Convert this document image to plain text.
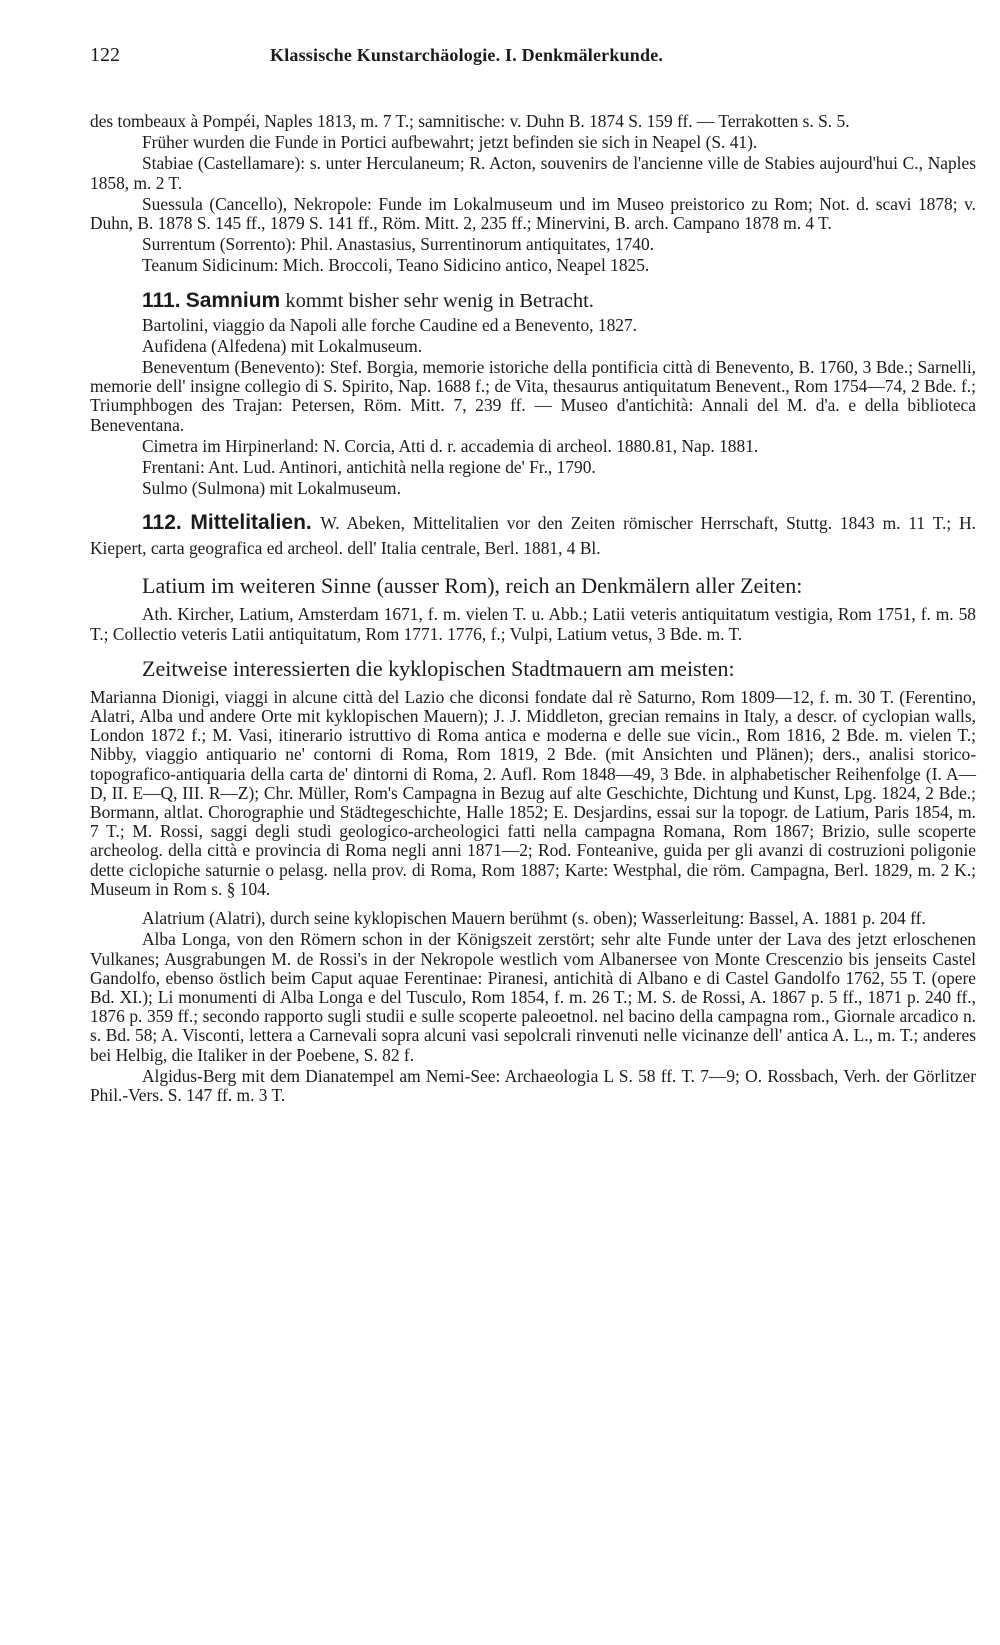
122	Klassische Kunstarchäologie. I. Denkmälerkunde.

des tombeaux à Pompéi, Naples 1813, m. 7 T.; samnitische: v. Duhn B. 1874 S. 159 ff. — Terrakotten s. S. 5.

Früher wurden die Funde in Portici aufbewahrt; jetzt befinden sie sich in Neapel (S. 41).

Stabiae (Castellamare): s. unter Herculaneum; R. Acton, souvenirs de l'ancienne ville de Stabies aujourd'hui C., Naples 1858, m. 2 T.

Suessula (Cancello), Nekropole: Funde im Lokalmuseum und im Museo preistorico zu Rom; Not. d. scavi 1878; v. Duhn, B. 1878 S. 145 ff., 1879 S. 141 ff., Röm. Mitt. 2, 235 ff.; Minervini, B. arch. Campano 1878 m. 4 T.

Surrentum (Sorrento): Phil. Anastasius, Surrentinorum antiquitates, 1740.

Teanum Sidicinum: Mich. Broccoli, Teano Sidicino antico, Neapel 1825.

111. Samnium kommt bisher sehr wenig in Betracht.

Bartolini, viaggio da Napoli alle forche Caudine ed a Benevento, 1827.

Aufidena (Alfedena) mit Lokalmuseum.

Beneventum (Benevento): Stef. Borgia, memorie istoriche della pontificia città di Benevento, B. 1760, 3 Bde.; Sarnelli, memorie dell' insigne collegio di S. Spirito, Nap. 1688 f.; de Vita, thesaurus antiquitatum Benevent., Rom 1754—74, 2 Bde. f.; Triumphbogen des Trajan: Petersen, Röm. Mitt. 7, 239 ff. — Museo d'antichità: Annali del M. d'a. e della biblioteca Beneventana.

Cimetra im Hirpinerland: N. Corcia, Atti d. r. accademia di archeol. 1880.81, Nap. 1881.

Frentani: Ant. Lud. Antinori, antichità nella regione de' Fr., 1790.

Sulmo (Sulmona) mit Lokalmuseum.

112. Mittelitalien. W. Abeken, Mittelitalien vor den Zeiten römischer Herrschaft, Stuttg. 1843 m. 11 T.; H. Kiepert, carta geografica ed archeol. dell' Italia centrale, Berl. 1881, 4 Bl.

Latium im weiteren Sinne (ausser Rom), reich an Denkmälern aller Zeiten:

Ath. Kircher, Latium, Amsterdam 1671, f. m. vielen T. u. Abb.; Latii veteris antiquitatum vestigia, Rom 1751, f. m. 58 T.; Collectio veteris Latii antiquitatum, Rom 1771. 1776, f.; Vulpi, Latium vetus, 3 Bde. m. T.

Zeitweise interessierten die kyklopischen Stadtmauern am meisten:

Marianna Dionigi, viaggi in alcune città del Lazio che diconsi fondate dal rè Saturno, Rom 1809—12, f. m. 30 T. (Ferentino, Alatri, Alba und andere Orte mit kyklopischen Mauern); J. J. Middleton, grecian remains in Italy, a descr. of cyclopian walls, London 1872 f.; M. Vasi, itinerario istruttivo di Roma antica e moderna e delle sue vicin., Rom 1816, 2 Bde. m. vielen T.; Nibby, viaggio antiquario ne' contorni di Roma, Rom 1819, 2 Bde. (mit Ansichten und Plänen); ders., analisi storico-topografico-antiquaria della carta de' dintorni di Roma, 2. Aufl. Rom 1848—49, 3 Bde. in alphabetischer Reihenfolge (I. A—D, II. E—Q, III. R—Z); Chr. Müller, Rom's Campagna in Bezug auf alte Geschichte, Dichtung und Kunst, Lpg. 1824, 2 Bde.; Bormann, altlat. Chorographie und Städtegeschichte, Halle 1852; E. Desjardins, essai sur la topogr. de Latium, Paris 1854, m. 7 T.; M. Rossi, saggi degli studi geologico-archeologici fatti nella campagna Romana, Rom 1867; Brizio, sulle scoperte archeolog. della città e provincia di Roma negli anni 1871—2; Rod. Fonteanive, guida per gli avanzi di costruzioni poligonie dette ciclopiche saturnie o pelasg. nella prov. di Roma, Rom 1887; Karte: Westphal, die röm. Campagna, Berl. 1829, m. 2 K.; Museum in Rom s. § 104.

Alatrium (Alatri), durch seine kyklopischen Mauern berühmt (s. oben); Wasserleitung: Bassel, A. 1881 p. 204 ff.

Alba Longa, von den Römern schon in der Königszeit zerstört; sehr alte Funde unter der Lava des jetzt erloschenen Vulkanes; Ausgrabungen M. de Rossi's in der Nekropole westlich vom Albanersee von Monte Crescenzio bis jenseits Castel Gandolfo, ebenso östlich beim Caput aquae Ferentinae: Piranesi, antichità di Albano e di Castel Gandolfo 1762, 55 T. (opere Bd. XI.); Li monumenti di Alba Longa e del Tusculo, Rom 1854, f. m. 26 T.; M. S. de Rossi, A. 1867 p. 5 ff., 1871 p. 240 ff., 1876 p. 359 ff.; secondo rapporto sugli studii e sulle scoperte paleoetnol. nel bacino della campagna rom., Giornale arcadico n. s. Bd. 58; A. Visconti, lettera a Carnevali sopra alcuni vasi sepolcrali rinvenuti nelle vicinanze dell' antica A. L., m. T.; anderes bei Helbig, die Italiker in der Poebene, S. 82 f.

Algidus-Berg mit dem Dianatempel am Nemi-See: Archaeologia L S. 58 ff. T. 7—9; O. Rossbach, Verh. der Görlitzer Phil.-Vers. S. 147 ff. m. 3 T.
